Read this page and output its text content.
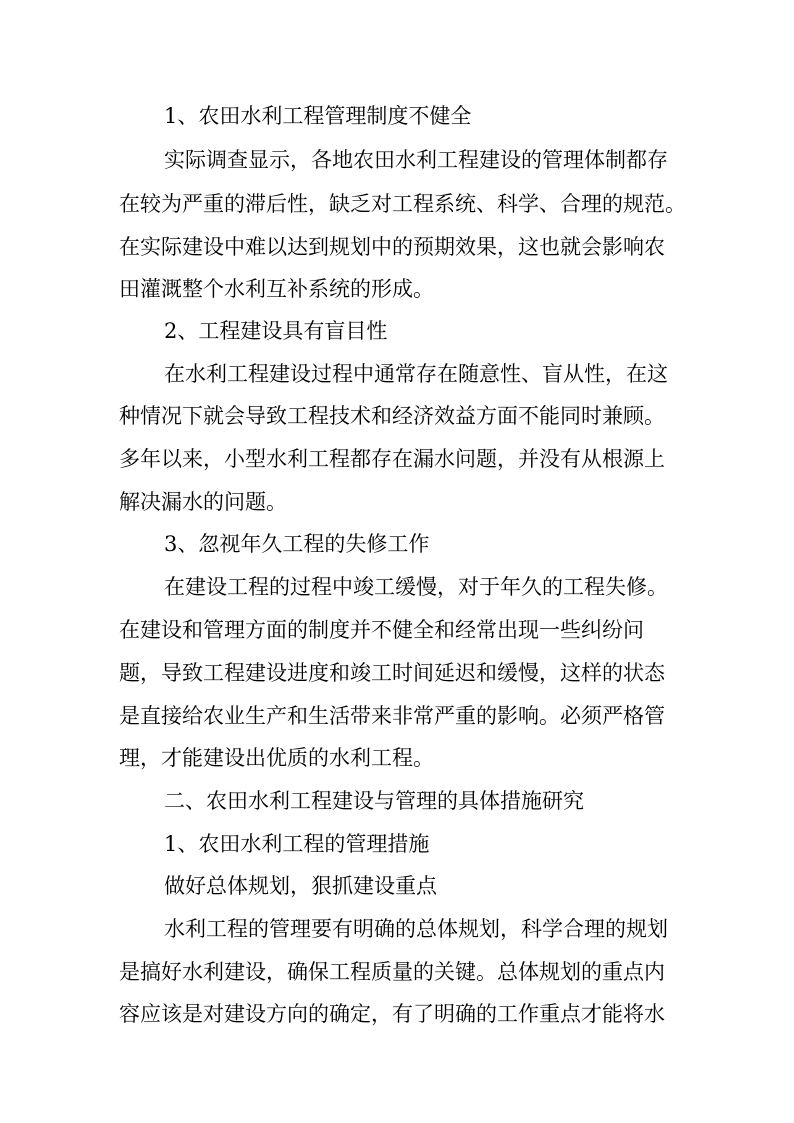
1、农田水利工程管理制度不健全
实际调查显示，各地农田水利工程建设的管理体制都存
在较为严重的滞后性，缺乏对工程系统、科学、合理的规范。
在实际建设中难以达到规划中的预期效果，这也就会影响农
田灌溉整个水利互补系统的形成。
2、工程建设具有盲目性
在水利工程建设过程中通常存在随意性、盲从性，在这
种情况下就会导致工程技术和经济效益方面不能同时兼顾。
多年以来，小型水利工程都存在漏水问题，并没有从根源上
解决漏水的问题。
3、忽视年久工程的失修工作
在建设工程的过程中竣工缓慢，对于年久的工程失修。
在建设和管理方面的制度并不健全和经常出现一些纠纷问
题，导致工程建设进度和竣工时间延迟和缓慢，这样的状态
是直接给农业生产和生活带来非常严重的影响。必须严格管
理，才能建设出优质的水利工程。
二、农田水利工程建设与管理的具体措施研究
1、农田水利工程的管理措施
做好总体规划，狠抓建设重点
水利工程的管理要有明确的总体规划，科学合理的规划
是搞好水利建设，确保工程质量的关键。总体规划的重点内
容应该是对建设方向的确定，有了明确的工作重点才能将水
